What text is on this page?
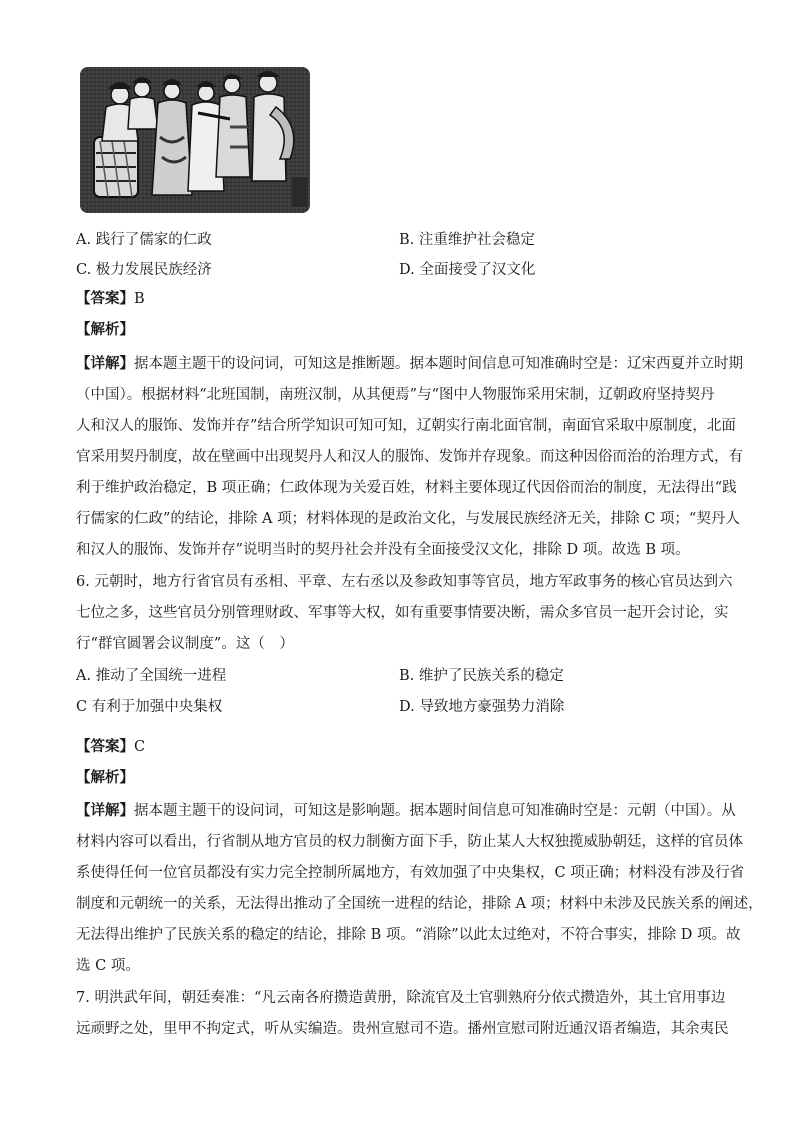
A. 践行了儒家的仁政	B. 注重维护社会稳定
C. 极力发展民族经济	D. 全面接受了汉文化
【答案】B
【解析】
【详解】据本题主题干的设问词，可知这是推断题。据本题时间信息可知准确时空是：辽宋西夏并立时期
（中国）。根据材料“北班国制，南班汉制，从其便焉”与“图中人物服饰采用宋制，辽朝政府坚持契丹
人和汉人的服饰、发饰并存”结合所学知识可知可知，辽朝实行南北面官制，南面官采取中原制度，北面
官采用契丹制度，故在壁画中出现契丹人和汉人的服饰、发饰并存现象。而这种因俗而治的治理方式，有
利于维护政治稳定，B 项正确；仁政体现为关爱百姓，材料主要体现辽代因俗而治的制度，无法得出“践
行儒家的仁政”的结论，排除 A 项；材料体现的是政治文化，与发展民族经济无关，排除 C 项；“契丹人
和汉人的服饰、发饰并存”说明当时的契丹社会并没有全面接受汉文化，排除 D 项。故选 B 项。
6. 元朝时，地方行省官员有丞相、平章、左右丞以及参政知事等官员，地方军政事务的核心官员达到六
七位之多，这些官员分别管理财政、军事等大权，如有重要事情要决断，需众多官员一起开会讨论，实
行“群官圆署会议制度”。这（　）
A. 推动了全国统一进程	B. 维护了民族关系的稳定
C 有利于加强中央集权	D. 导致地方豪强势力消除
【答案】C
【解析】
【详解】据本题主题干的设问词，可知这是影响题。据本题时间信息可知准确时空是：元朝（中国）。从
材料内容可以看出，行省制从地方官员的权力制衡方面下手，防止某人大权独揽威胁朝廷，这样的官员体
系使得任何一位官员都没有实力完全控制所属地方，有效加强了中央集权，C 项正确；材料没有涉及行省
制度和元朝统一的关系，无法得出推动了全国统一进程的结论，排除 A 项；材料中未涉及民族关系的阐述，
无法得出维护了民族关系的稳定的结论，排除 B 项。“消除”以此太过绝对，不符合事实，排除 D 项。故
选 C 项。
7. 明洪武年间，朝廷奏准：“凡云南各府攒造黄册，除流官及土官驯熟府分依式攒造外，其土官用事边
远顽野之处，里甲不拘定式，听从实编造。贵州宣慰司不造。播州宣慰司附近通汉语者编造，其余夷民
